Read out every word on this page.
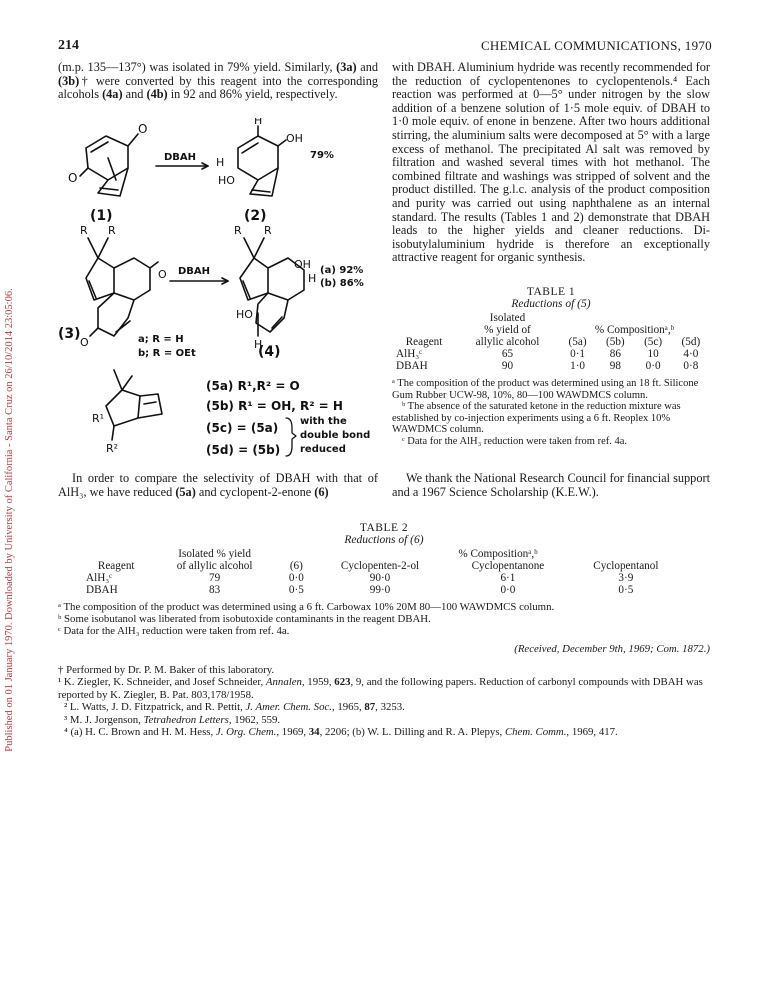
214	CHEMICAL COMMUNICATIONS, 1970
Published on 01 January 1970. Downloaded by University of California - Santa Cruz on 26/10/2014 23:05:06.
(m.p. 135—137°) was isolated in 79% yield. Similarly, (3a) and (3b)† were converted by this reagent into the corresponding alcohols (4a) and (4b) in 92 and 86% yield, respectively.
with DBAH. Aluminium hydride was recently recommended for the reduction of cyclopentenones to cyclopentenols.⁴ Each reaction was performed at 0—5° under nitrogen by the slow addition of a benzene solution of 1·5 mole equiv. of DBAH to 1·0 mole equiv. of enone in benzene. After two hours additional stirring, the aluminium salts were decomposed at 5° with a large excess of methanol. The precipitated Al salt was removed by filtration and washed several times with hot methanol. The combined filtrate and washings was stripped of solvent and the product distilled. The g.l.c. analysis of the product composition and purity was carried out using naphthalene as an internal standard. The results (Tables 1 and 2) demonstrate that DBAH leads to the higher yields and cleaner reductions. Di-isobutylaluminium hydride is therefore an exceptionally attractive reagent for organic synthesis.
O
O
(1)
DBAH
H
OH
H
HO
79%
(2)
R R
O
O
(3)	a; R = H
b; R = OEt
DBAH
R R
OH
H
HO
H
(a) 92%
(b) 86%
(4)
R¹
R²
(5a) R¹,R² = O
(5b) R¹ = OH, R² = H
(5c) = (5a)
(5d) = (5b)
with the
double bond
reduced
TABLE 1
Reductions of (5)
	Isolated				
	% yield of	% Compositionᵃ,ᵇ			
Reagent	allylic alcohol	(5a)	(5b)	(5c)	(5d)
AlH₃ᶜ	65	0·1	86	10	4·0
DBAH	90	1·0	98	0·0	0·8
ᵃ The composition of the product was determined using an 18 ft. Silicone Gum Rubber UCW-98, 10%, 80—100 WAWDMCS column.
ᵇ The absence of the saturated ketone in the reduction mixture was established by co-injection experiments using a 6 ft. Reoplex 10% WAWDMCS column.
ᶜ Data for the AlH₃ reduction were taken from ref. 4a.
In order to compare the selectivity of DBAH with that of AlH₃, we have reduced (5a) and cyclopent-2-enone (6)
We thank the National Research Council for financial support and a 1967 Science Scholarship (K.E.W.).
TABLE 2
Reductions of (6)
	Isolated % yield		% Compositionᵃ,ᵇ		
Reagent	of allylic alcohol	(6)	Cyclopenten-2-ol	Cyclopentanone	Cyclopentanol
AlH₃ᶜ	79	0·0	90·0	6·1	3·9
DBAH	83	0·5	99·0	0·0	0·5
ᵃ The composition of the product was determined using a 6 ft. Carbowax 10% 20M 80—100 WAWDMCS column.
ᵇ Some isobutanol was liberated from isobutoxide contaminants in the reagent DBAH.
ᶜ Data for the AlH₃ reduction were taken from ref. 4a.
(Received, December 9th, 1969; Com. 1872.)
† Performed by Dr. P. M. Baker of this laboratory.
¹ K. Ziegler, K. Schneider, and Josef Schneider, Annalen, 1959, 623, 9, and the following papers. Reduction of carbonyl compounds with DBAH was reported by K. Ziegler, B. Pat. 803,178/1958.
² L. Watts, J. D. Fitzpatrick, and R. Pettit, J. Amer. Chem. Soc., 1965, 87, 3253.
³ M. J. Jorgenson, Tetrahedron Letters, 1962, 559.
⁴ (a) H. C. Brown and H. M. Hess, J. Org. Chem., 1969, 34, 2206; (b) W. L. Dilling and R. A. Plepys, Chem. Comm., 1969, 417.
